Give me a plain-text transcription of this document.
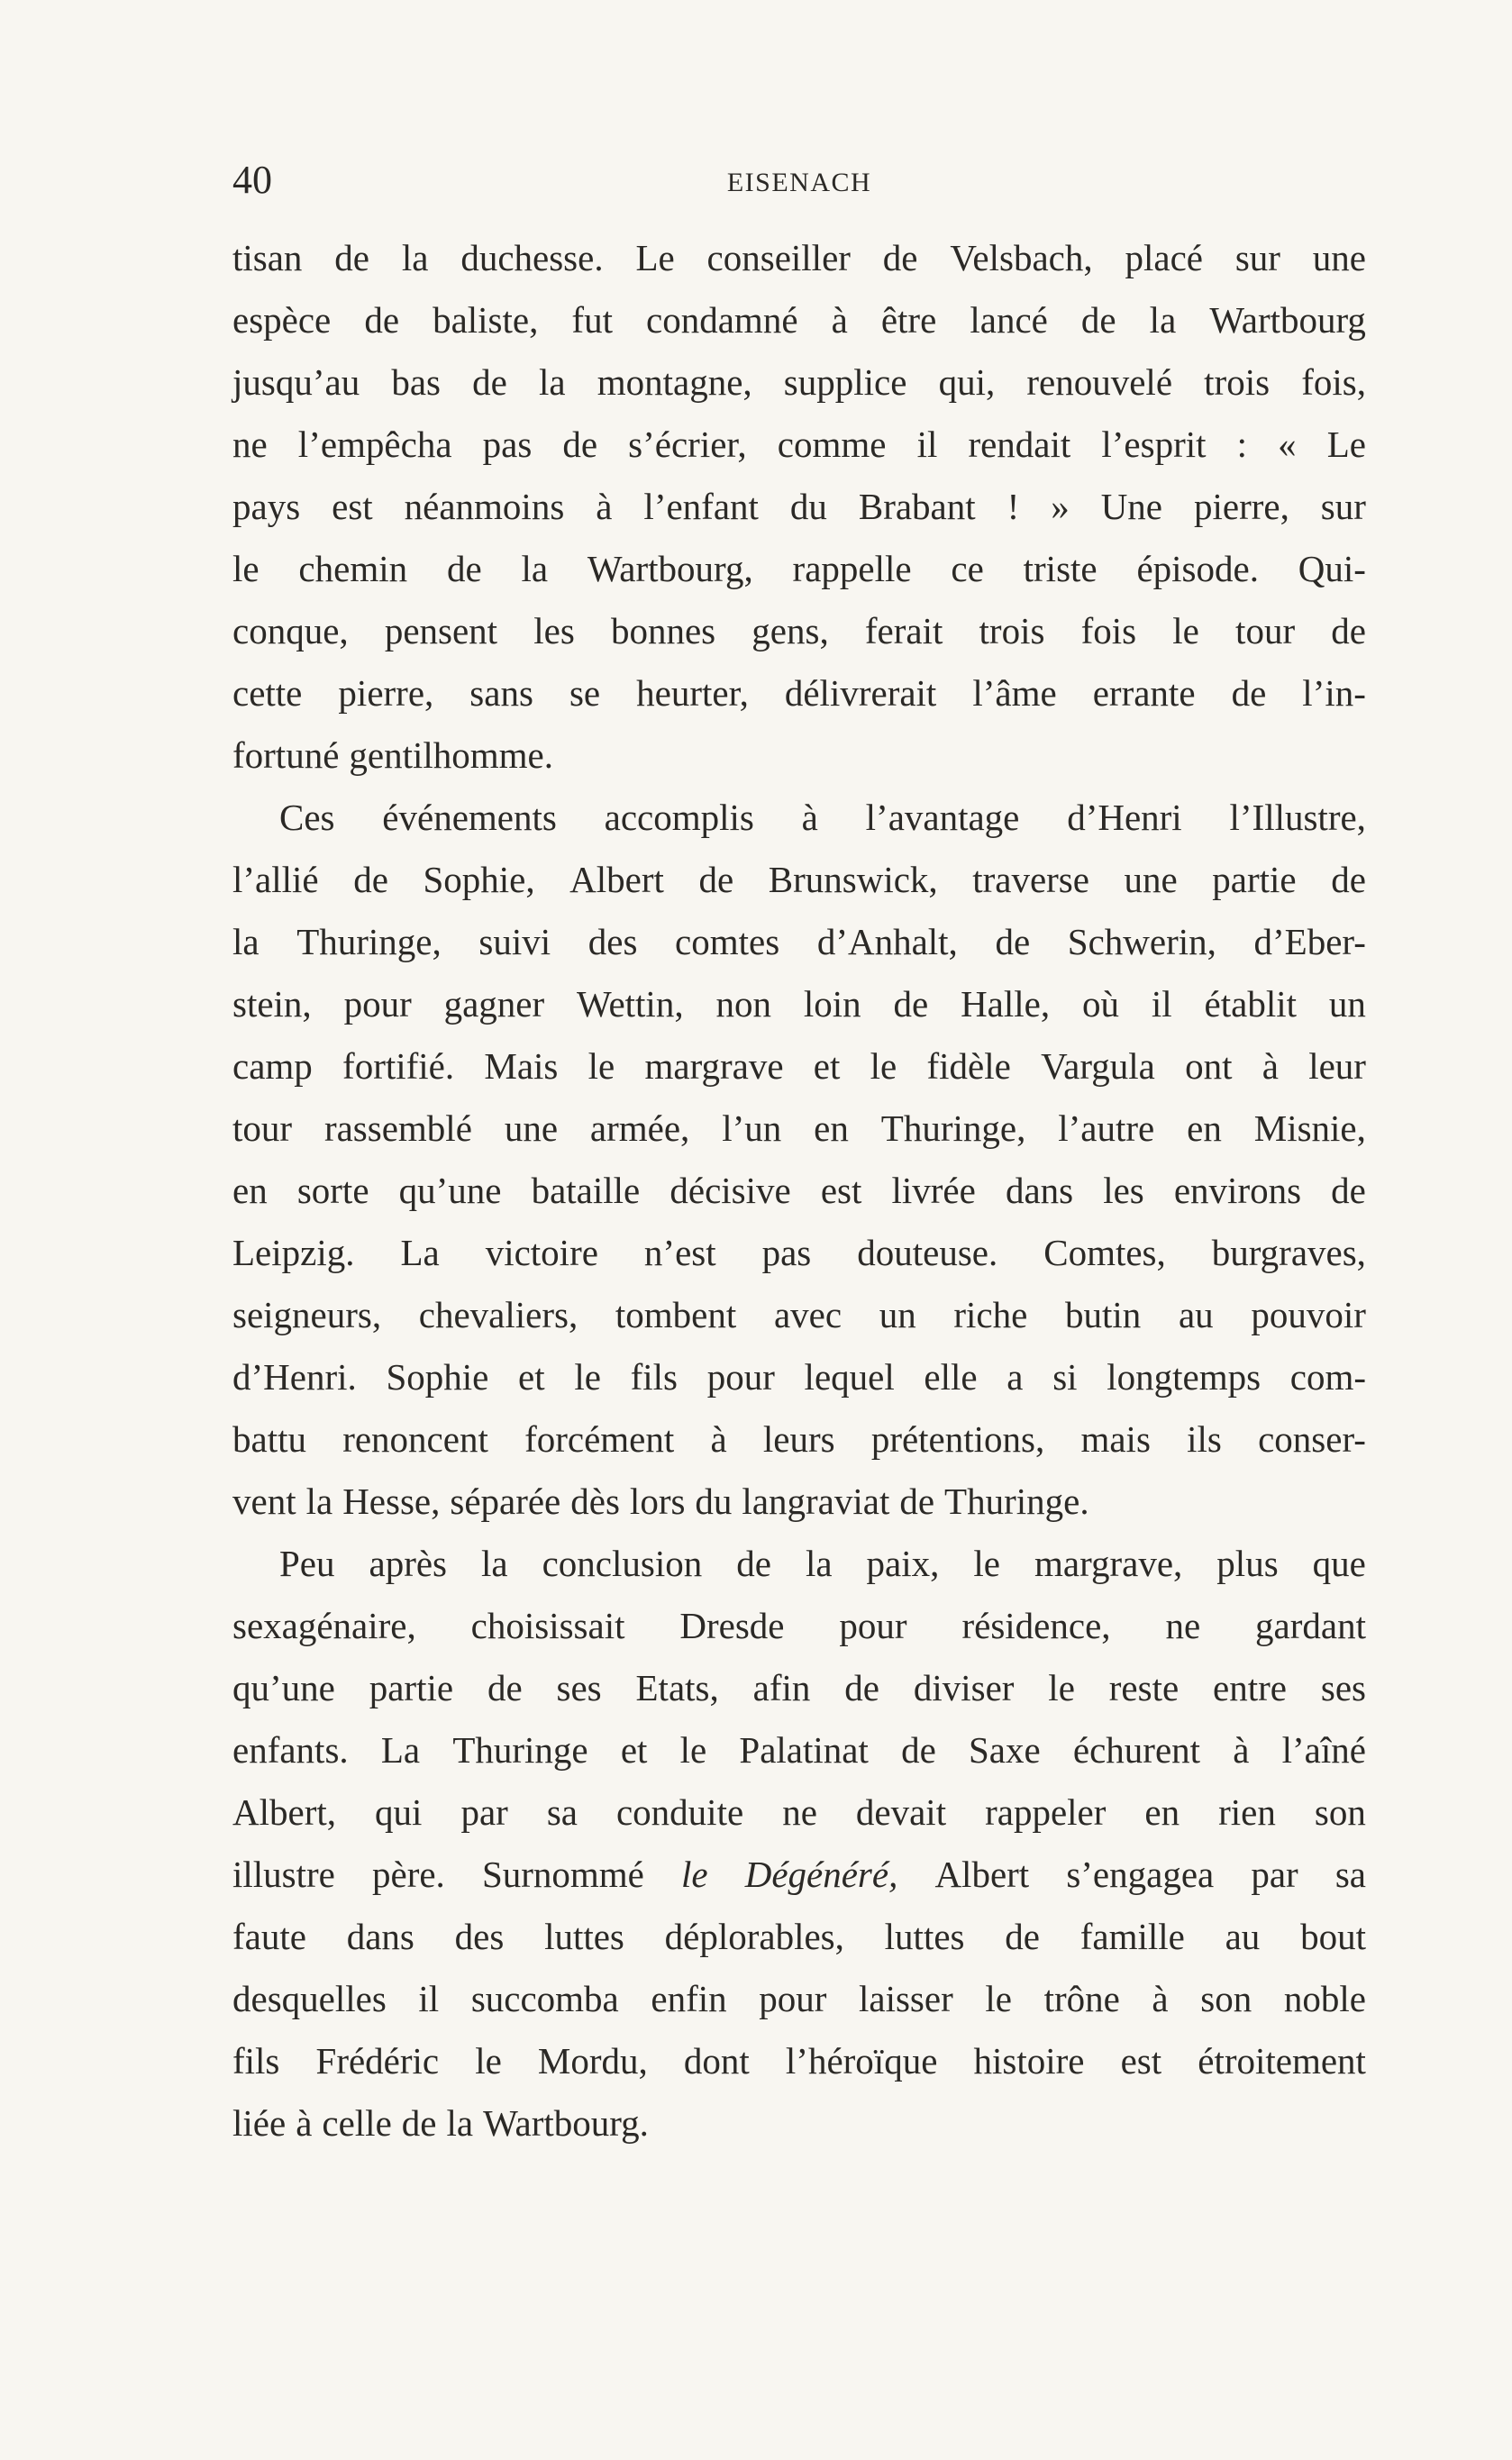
40	EISENACH
tisan de la duchesse. Le conseiller de Velsbach, placé sur une
espèce de baliste, fut condamné à être lancé de la Wartbourg
jusqu’au bas de la montagne, supplice qui, renouvelé trois fois,
ne l’empêcha pas de s’écrier, comme il rendait l’esprit : « Le
pays est néanmoins à l’enfant du Brabant ! » Une pierre, sur
le chemin de la Wartbourg, rappelle ce triste épisode. Qui-
conque, pensent les bonnes gens, ferait trois fois le tour de
cette pierre, sans se heurter, délivrerait l’âme errante de l’in-
fortuné gentilhomme.
Ces événements accomplis à l’avantage d’Henri l’Illustre,
l’allié de Sophie, Albert de Brunswick, traverse une partie de
la Thuringe, suivi des comtes d’Anhalt, de Schwerin, d’Eber-
stein, pour gagner Wettin, non loin de Halle, où il établit un
camp fortifié. Mais le margrave et le fidèle Vargula ont à leur
tour rassemblé une armée, l’un en Thuringe, l’autre en Misnie,
en sorte qu’une bataille décisive est livrée dans les environs de
Leipzig. La victoire n’est pas douteuse. Comtes, burgraves,
seigneurs, chevaliers, tombent avec un riche butin au pouvoir
d’Henri. Sophie et le fils pour lequel elle a si longtemps com-
battu renoncent forcément à leurs prétentions, mais ils conser-
vent la Hesse, séparée dès lors du langraviat de Thuringe.
Peu après la conclusion de la paix, le margrave, plus que
sexagénaire, choisissait Dresde pour résidence, ne gardant
qu’une partie de ses Etats, afin de diviser le reste entre ses
enfants. La Thuringe et le Palatinat de Saxe échurent à l’aîné
Albert, qui par sa conduite ne devait rappeler en rien son
illustre père. Surnommé le Dégénéré, Albert s’engagea par sa
faute dans des luttes déplorables, luttes de famille au bout
desquelles il succomba enfin pour laisser le trône à son noble
fils Frédéric le Mordu, dont l’héroïque histoire est étroitement
liée à celle de la Wartbourg.
